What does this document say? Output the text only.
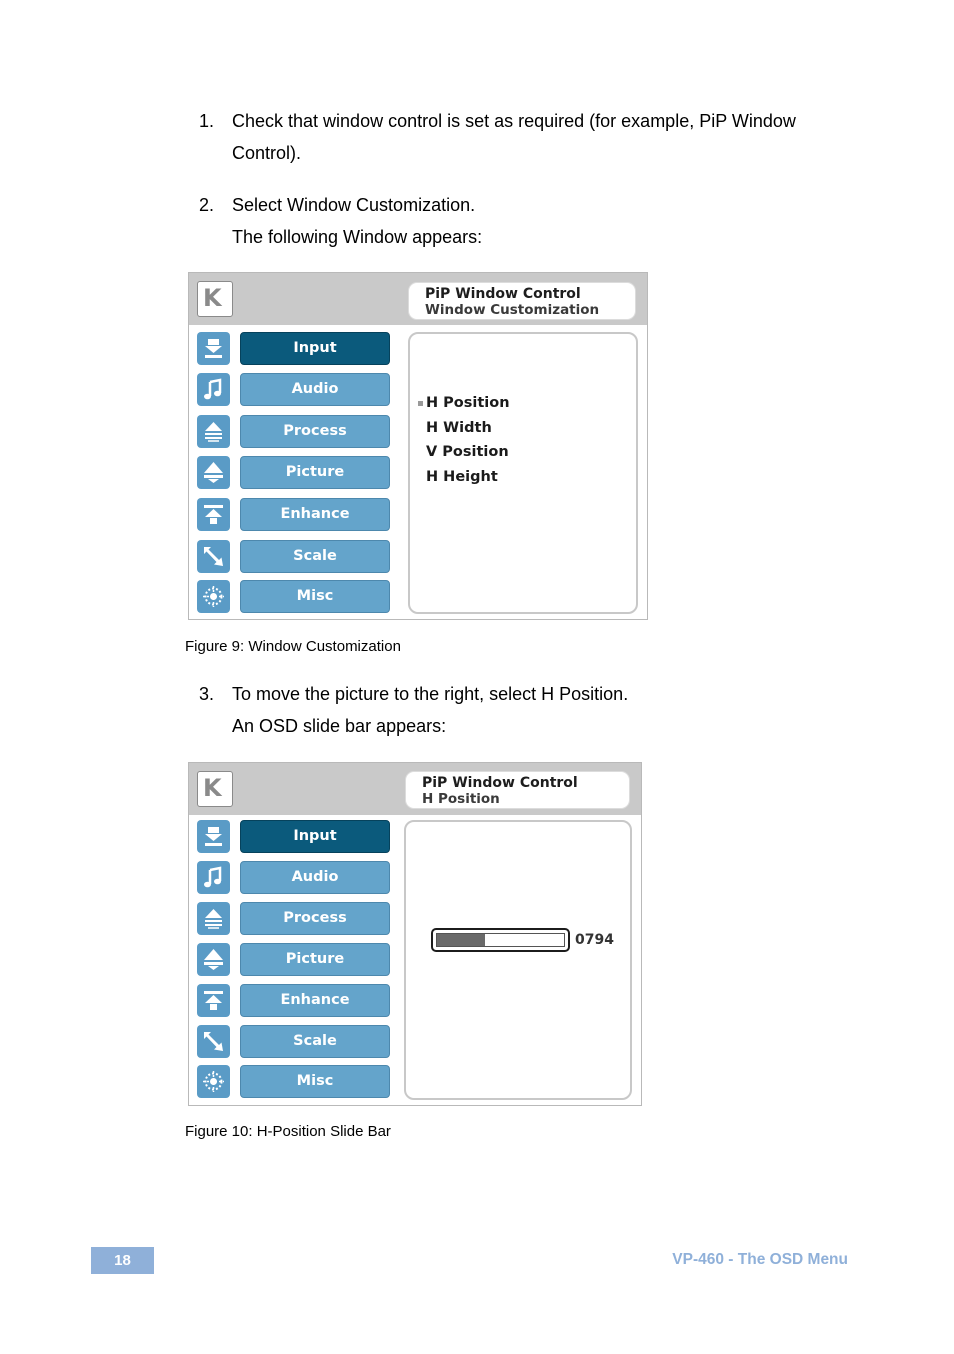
1. Check that window control is set as required (for example, PiP Window
Control).
2. Select Window Customization.
The following Window appears:
K	PiP Window Control
Window Customization
Input
Audio
Process
Picture
Enhance
Scale
Misc
H Position
H Width
V Position
H Height
Figure 9: Window Customization
3. To move the picture to the right, select H Position.
An OSD slide bar appears:
K	PiP Window Control
H Position
Input
Audio
Process
Picture
Enhance
Scale
Misc
0794
Figure 10: H-Position Slide Bar
18	VP-460 - The OSD Menu
